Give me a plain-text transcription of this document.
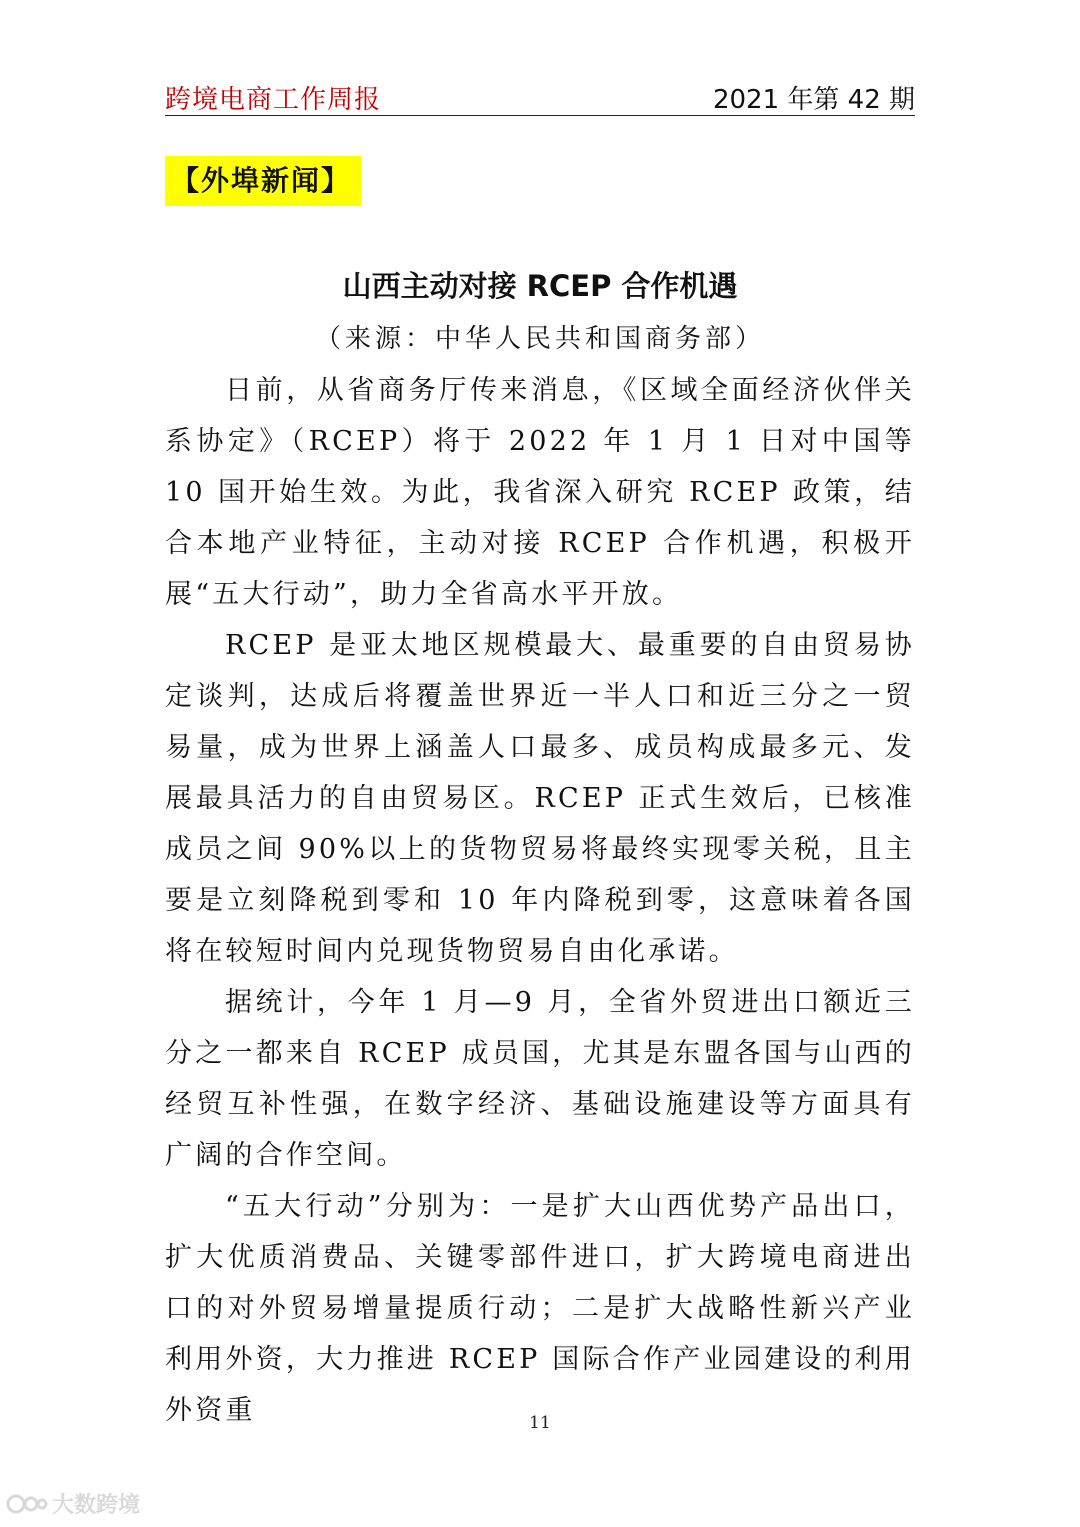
跨境电商工作周报	2021 年第 42 期
【外埠新闻】
山西主动对接 RCEP 合作机遇
（来源：中华人民共和国商务部）

日前，从省商务厅传来消息，《区域全面经济伙伴关系协定》（RCEP）将于 2022 年 1 月 1 日对中国等 10 国开始生效。为此，我省深入研究 RCEP 政策，结合本地产业特征，主动对接 RCEP 合作机遇，积极开展“五大行动”，助力全省高水平开放。

RCEP 是亚太地区规模最大、最重要的自由贸易协定谈判，达成后将覆盖世界近一半人口和近三分之一贸易量，成为世界上涵盖人口最多、成员构成最多元、发展最具活力的自由贸易区。RCEP 正式生效后，已核准成员之间 90%以上的货物贸易将最终实现零关税，且主要是立刻降税到零和 10 年内降税到零，这意味着各国将在较短时间内兑现货物贸易自由化承诺。

据统计，今年 1 月—9 月，全省外贸进出口额近三分之一都来自 RCEP 成员国，尤其是东盟各国与山西的经贸互补性强，在数字经济、基础设施建设等方面具有广阔的合作空间。

“五大行动”分别为：一是扩大山西优势产品出口，扩大优质消费品、关键零部件进口，扩大跨境电商进出口的对外贸易增量提质行动；二是扩大战略性新兴产业利用外资，大力推进 RCEP 国际合作产业园建设的利用外资重	11
大数跨境
